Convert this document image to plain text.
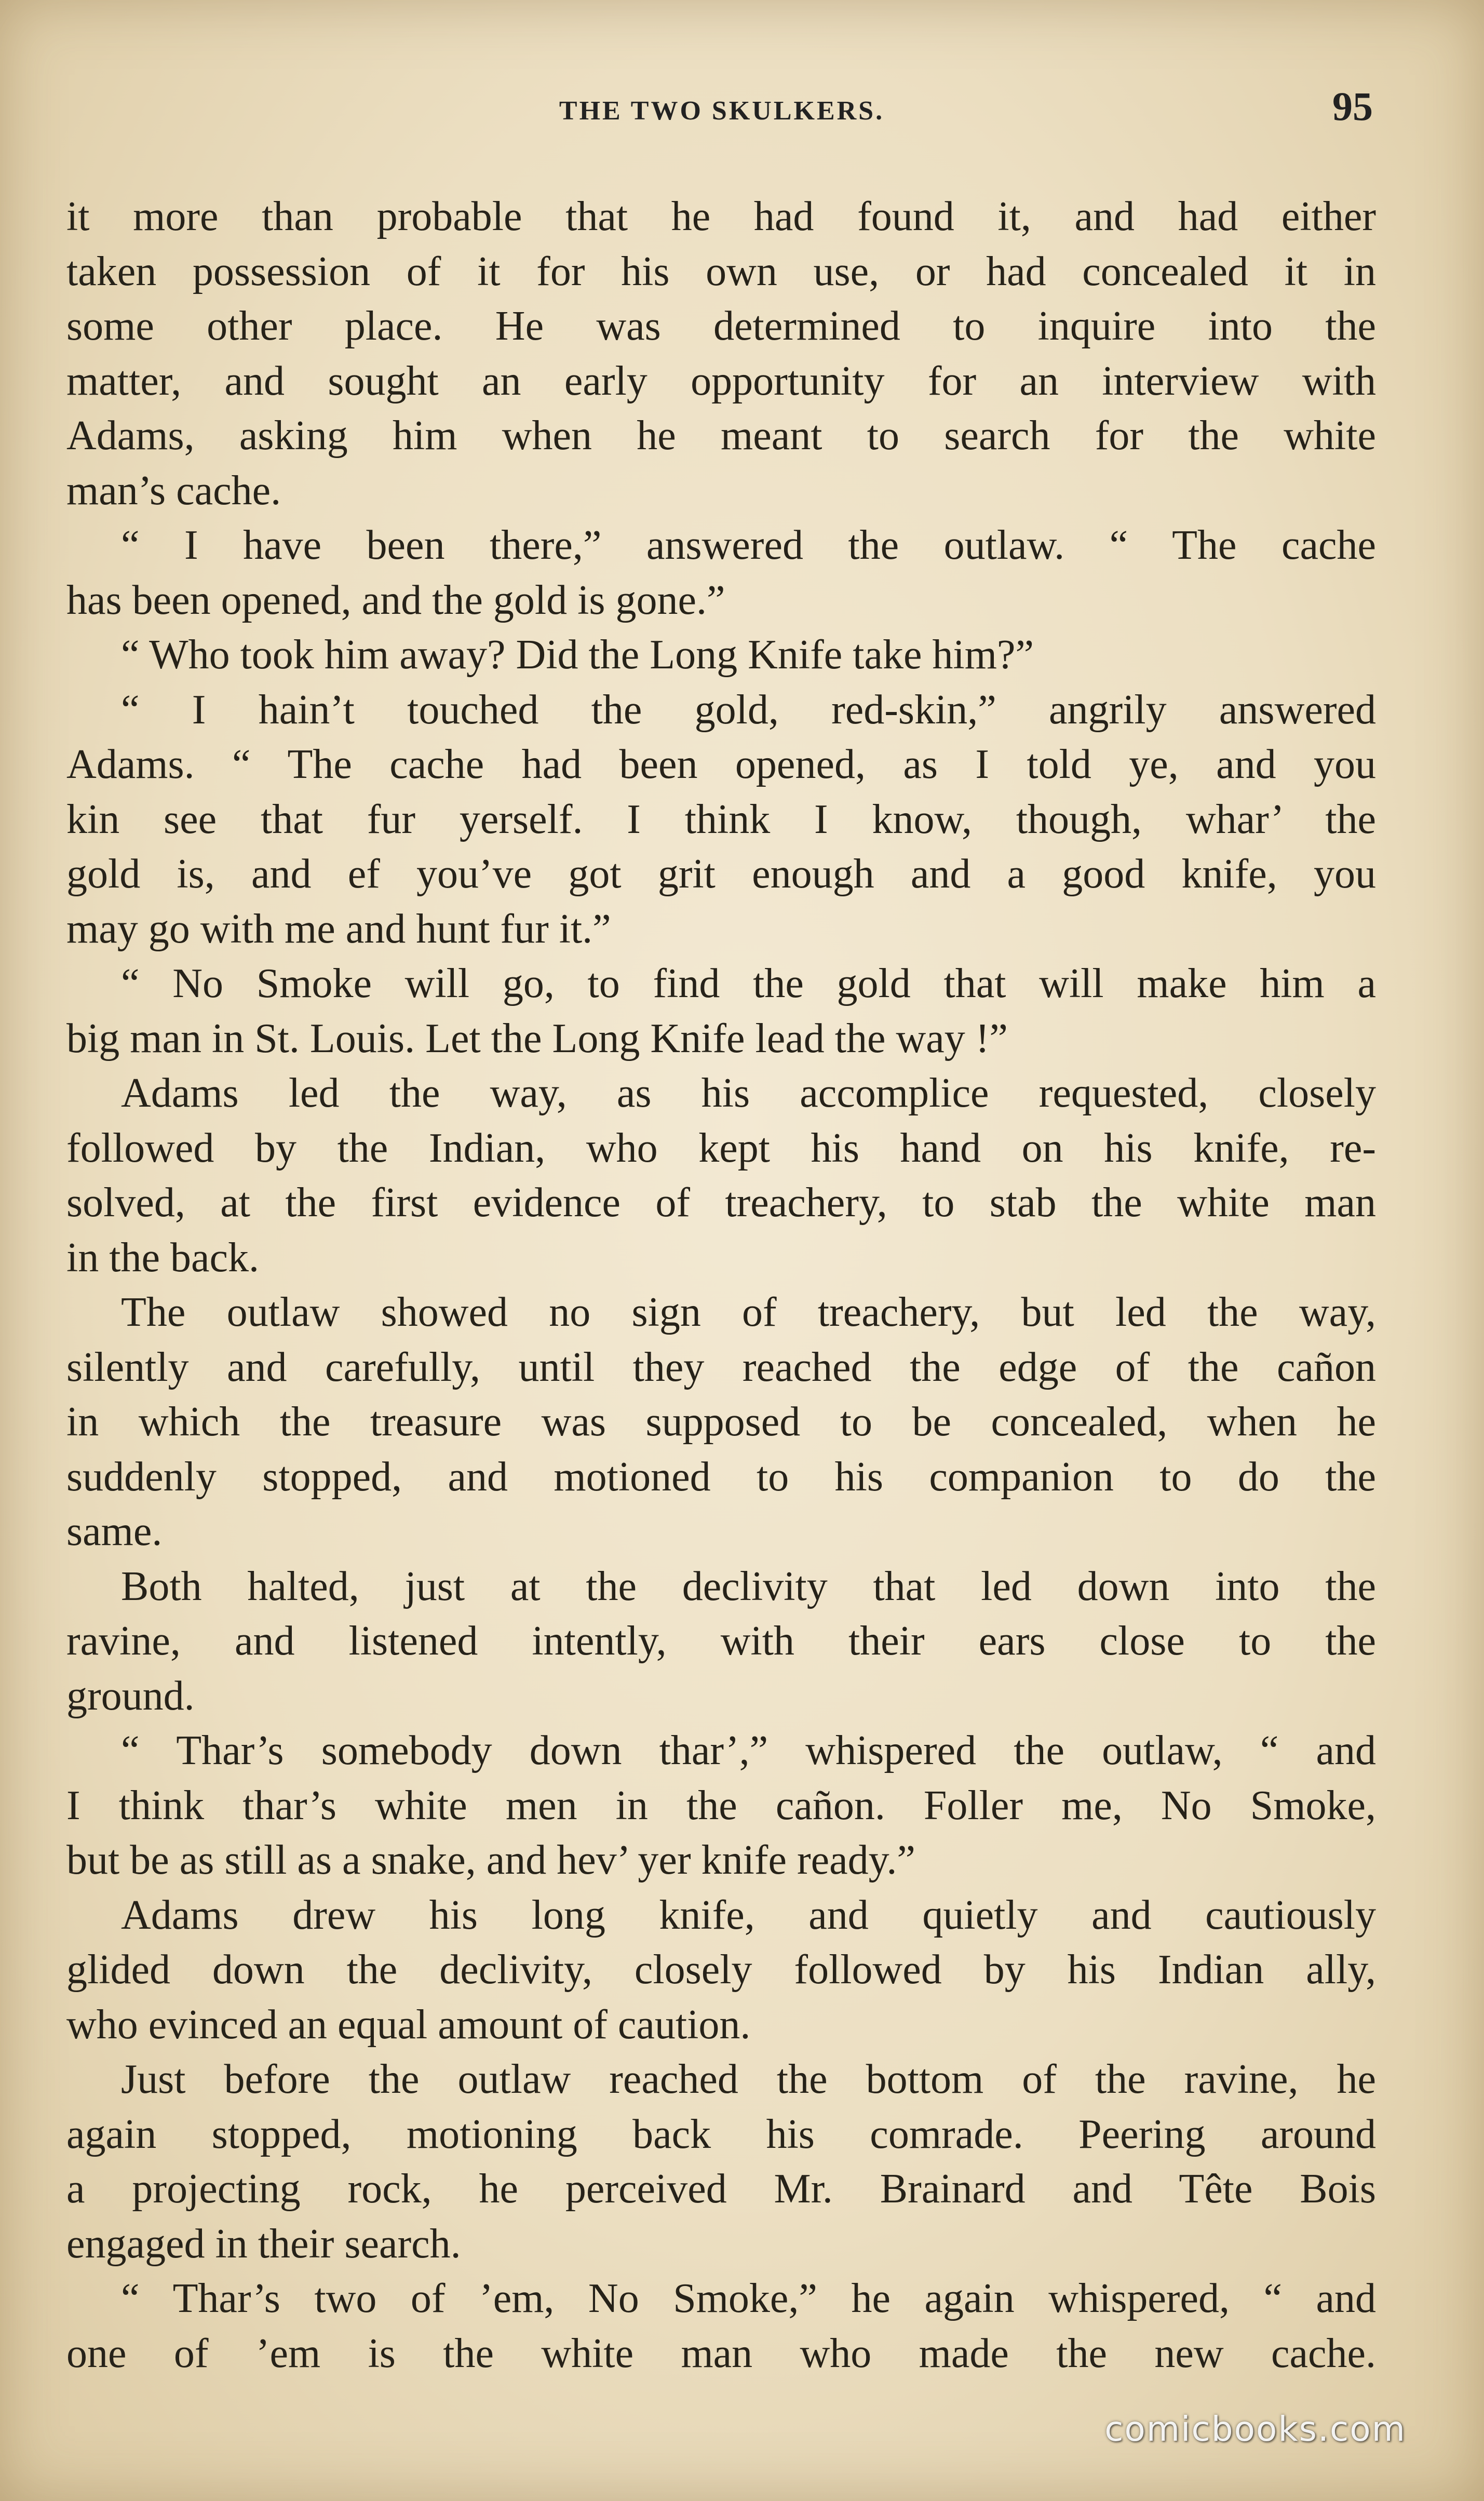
THE TWO SKULKERS.	95
it more than probable that he had found it, and had either
taken possession of it for his own use, or had concealed it in
some other place. He was determined to inquire into the
matter, and sought an early opportunity for an interview with
Adams, asking him when he meant to search for the white
man’s cache.
“ I have been there,” answered the outlaw. “ The cache
has been opened, and the gold is gone.”
“ Who took him away? Did the Long Knife take him?”
“ I hain’t touched the gold, red-skin,” angrily answered
Adams. “ The cache had been opened, as I told ye, and you
kin see that fur yerself. I think I know, though, whar’ the
gold is, and ef you’ve got grit enough and a good knife, you
may go with me and hunt fur it.”
“ No Smoke will go, to find the gold that will make him a
big man in St. Louis. Let the Long Knife lead the way !”
Adams led the way, as his accomplice requested, closely
followed by the Indian, who kept his hand on his knife, re-
solved, at the first evidence of treachery, to stab the white man
in the back.
The outlaw showed no sign of treachery, but led the way,
silently and carefully, until they reached the edge of the cañon
in which the treasure was supposed to be concealed, when he
suddenly stopped, and motioned to his companion to do the
same.
Both halted, just at the declivity that led down into the
ravine, and listened intently, with their ears close to the
ground.
“ Thar’s somebody down thar’,” whispered the outlaw, “ and
I think thar’s white men in the cañon. Foller me, No Smoke,
but be as still as a snake, and hev’ yer knife ready.”
Adams drew his long knife, and quietly and cautiously
glided down the declivity, closely followed by his Indian ally,
who evinced an equal amount of caution.
Just before the outlaw reached the bottom of the ravine, he
again stopped, motioning back his comrade. Peering around
a projecting rock, he perceived Mr. Brainard and Tête Bois
engaged in their search.
“ Thar’s two of ’em, No Smoke,” he again whispered, “ and
one of ’em is the white man who made the new cache.
comicbooks.com
